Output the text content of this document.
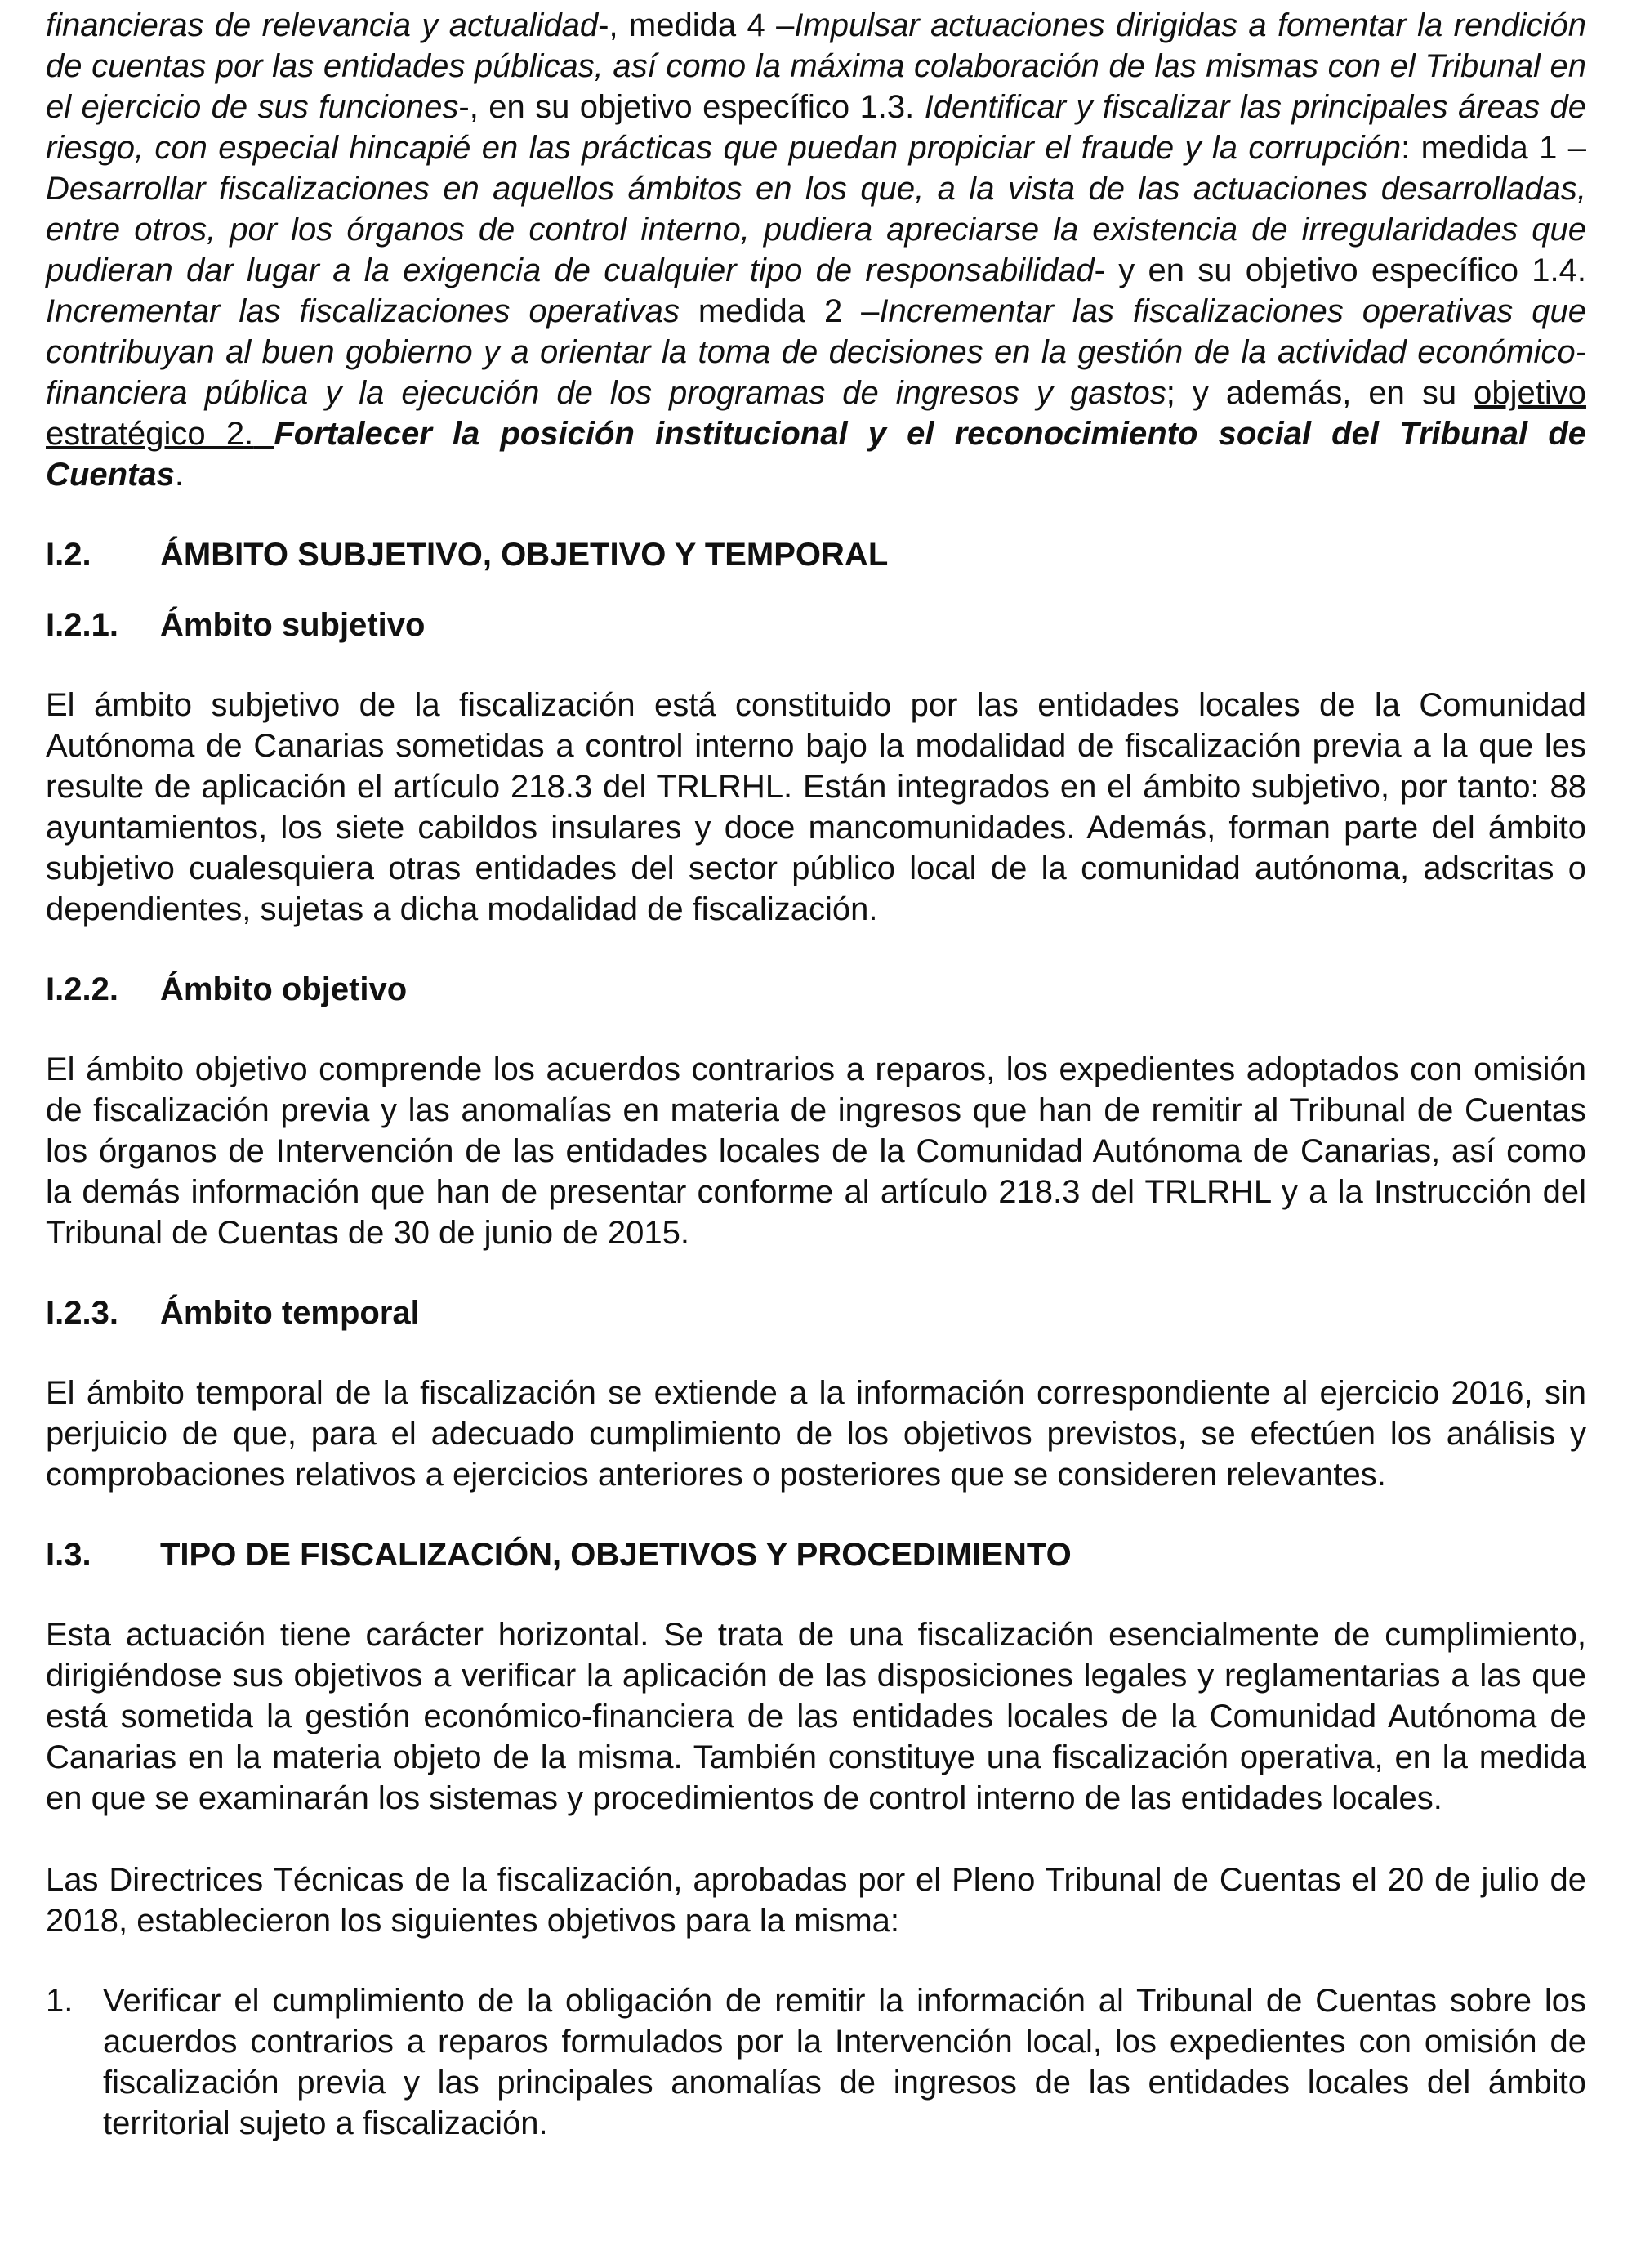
financieras de relevancia y actualidad-, medida 4 –Impulsar actuaciones dirigidas a fomentar la rendición de cuentas por las entidades públicas, así como la máxima colaboración de las mismas con el Tribunal en el ejercicio de sus funciones-, en su objetivo específico 1.3. Identificar y fiscalizar las principales áreas de riesgo, con especial hincapié en las prácticas que puedan propiciar el fraude y la corrupción: medida 1 –Desarrollar fiscalizaciones en aquellos ámbitos en los que, a la vista de las actuaciones desarrolladas, entre otros, por los órganos de control interno, pudiera apreciarse la existencia de irregularidades que pudieran dar lugar a la exigencia de cualquier tipo de responsabilidad- y en su objetivo específico 1.4. Incrementar las fiscalizaciones operativas medida 2 –Incrementar las fiscalizaciones operativas que contribuyan al buen gobierno y a orientar la toma de decisiones en la gestión de la actividad económico-financiera pública y la ejecución de los programas de ingresos y gastos; y además, en su objetivo estratégico 2. Fortalecer la posición institucional y el reconocimiento social del Tribunal de Cuentas.

I.2.	ÁMBITO SUBJETIVO, OBJETIVO Y TEMPORAL
I.2.1.	Ámbito subjetivo

El ámbito subjetivo de la fiscalización está constituido por las entidades locales de la Comunidad Autónoma de Canarias sometidas a control interno bajo la modalidad de fiscalización previa a la que les resulte de aplicación el artículo 218.3 del TRLRHL. Están integrados en el ámbito subjetivo, por tanto: 88 ayuntamientos, los siete cabildos insulares y doce mancomunidades. Además, forman parte del ámbito subjetivo cualesquiera otras entidades del sector público local de la comunidad autónoma, adscritas o dependientes, sujetas a dicha modalidad de fiscalización.

I.2.2.	Ámbito objetivo

El ámbito objetivo comprende los acuerdos contrarios a reparos, los expedientes adoptados con omisión de fiscalización previa y las anomalías en materia de ingresos que han de remitir al Tribunal de Cuentas los órganos de Intervención de las entidades locales de la Comunidad Autónoma de Canarias, así como la demás información que han de presentar conforme al artículo 218.3 del TRLRHL y a la Instrucción del Tribunal de Cuentas de 30 de junio de 2015.

I.2.3.	Ámbito temporal

El ámbito temporal de la fiscalización se extiende a la información correspondiente al ejercicio 2016, sin perjuicio de que, para el adecuado cumplimiento de los objetivos previstos, se efectúen los análisis y comprobaciones relativos a ejercicios anteriores o posteriores que se consideren relevantes.

I.3.	TIPO DE FISCALIZACIÓN, OBJETIVOS Y PROCEDIMIENTO

Esta actuación tiene carácter horizontal. Se trata de una fiscalización esencialmente de cumplimiento, dirigiéndose sus objetivos a verificar la aplicación de las disposiciones legales y reglamentarias a las que está sometida la gestión económico-financiera de las entidades locales de la Comunidad Autónoma de Canarias en la materia objeto de la misma. También constituye una fiscalización operativa, en la medida en que se examinarán los sistemas y procedimientos de control interno de las entidades locales.

Las Directrices Técnicas de la fiscalización, aprobadas por el Pleno Tribunal de Cuentas el 20 de julio de 2018, establecieron los siguientes objetivos para la misma:

1. Verificar el cumplimiento de la obligación de remitir la información al Tribunal de Cuentas sobre los acuerdos contrarios a reparos formulados por la Intervención local, los expedientes con omisión de fiscalización previa y las principales anomalías de ingresos de las entidades locales del ámbito territorial sujeto a fiscalización.
